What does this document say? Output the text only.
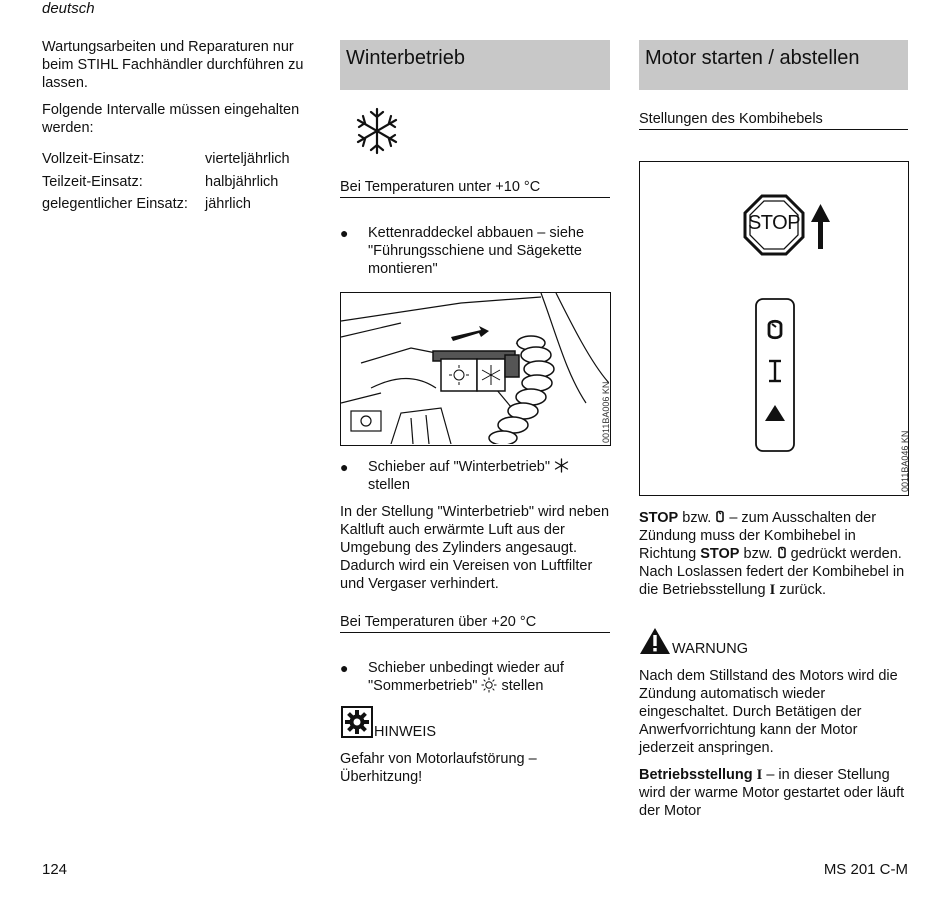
deutsch

Wartungsarbeiten und Reparaturen nur beim STIHL Fachhändler durchführen zu lassen.

Folgende Intervalle müssen eingehalten werden:

Vollzeit-Einsatz:	vierteljährlich
Teilzeit-Einsatz:	halbjährlich
gelegentlicher Einsatz: jährlich
Winterbetrieb
Bei Temperaturen unter +10 °C
● Kettenraddeckel abbauen – siehe "Führungsschiene und Sägekette montieren"
0011BA006 KN
● Schieber auf "Winterbetrieb"
stellen

In der Stellung "Winterbetrieb" wird neben Kaltluft auch erwärmte Luft aus der Umgebung des Zylinders angesaugt. Dadurch wird ein Vereisen von Luftfilter und Vergaser verhindert.

Bei Temperaturen über +20 °C
● Schieber unbedingt wieder auf
"Sommerbetrieb" stellen
HINWEIS

Gefahr von Motorlaufstörung – Überhitzung!

Motor starten / abstellen
Stellungen des Kombihebels
STOP
0011BA046 KN

STOP bzw. – zum Ausschalten der Zündung muss der Kombihebel in Richtung STOP bzw. gedrückt werden. Nach Loslassen federt der Kombihebel in die Betriebsstellung I zurück.

WARNUNG

Nach dem Stillstand des Motors wird die Zündung automatisch wieder eingeschaltet. Durch Betätigen der Anwerfvorrichtung kann der Motor jederzeit anspringen.

Betriebsstellung I – in dieser Stellung wird der warme Motor gestartet oder läuft der Motor

124	MS 201 C-M
